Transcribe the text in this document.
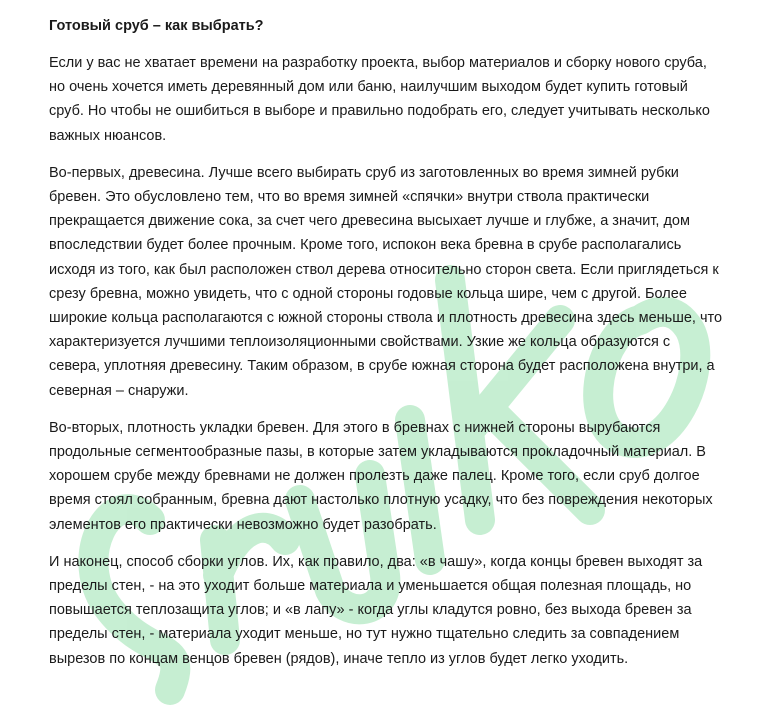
Готовый сруб – как выбрать?
Если у вас не хватает времени на разработку проекта, выбор материалов и сборку нового сруба,
но очень хочется иметь деревянный дом или баню, наилучшим выходом будет купить готовый
сруб. Но чтобы не ошибиться в выборе и правильно подобрать его, следует учитывать несколько
важных нюансов.
Во-первых, древесина. Лучше всего выбирать сруб из заготовленных во время зимней рубки
бревен. Это обусловлено тем, что во время зимней «спячки» внутри ствола практически
прекращается движение сока, за счет чего древесина высыхает лучше и глубже, а значит, дом
впоследствии будет более прочным. Кроме того, испокон века бревна в срубе располагались
исходя из того, как был расположен ствол дерева относительно сторон света. Если приглядеться к
срезу бревна, можно увидеть, что с одной стороны годовые кольца шире, чем с другой. Более
широкие кольца располагаются с южной стороны ствола и плотность древесина здесь меньше, что
характеризуется лучшими теплоизоляционными свойствами. Узкие же кольца образуются с
севера, уплотняя древесину. Таким образом, в срубе южная сторона будет расположена внутри, а
северная – снаружи.
Во-вторых, плотность укладки бревен. Для этого в бревнах с нижней стороны вырубаются
продольные сегментообразные пазы, в которые затем укладываются прокладочный материал. В
хорошем срубе между бревнами не должен пролезть даже палец. Кроме того, если сруб долгое
время стоял собранным, бревна дают настолько плотную усадку, что без повреждения некоторых
элементов его практически невозможно будет разобрать.
И наконец, способ сборки углов. Их, как правило, два: «в чашу», когда концы бревен выходят за
пределы стен, - на это уходит больше материала и уменьшается общая полезная площадь, но
повышается теплозащита углов; и «в лапу» - когда углы кладутся ровно, без выхода бревен за
пределы стен, - материала уходит меньше, но тут нужно тщательно следить за совпадением
вырезов по концам венцов бревен (рядов), иначе тепло из углов будет легко уходить.
